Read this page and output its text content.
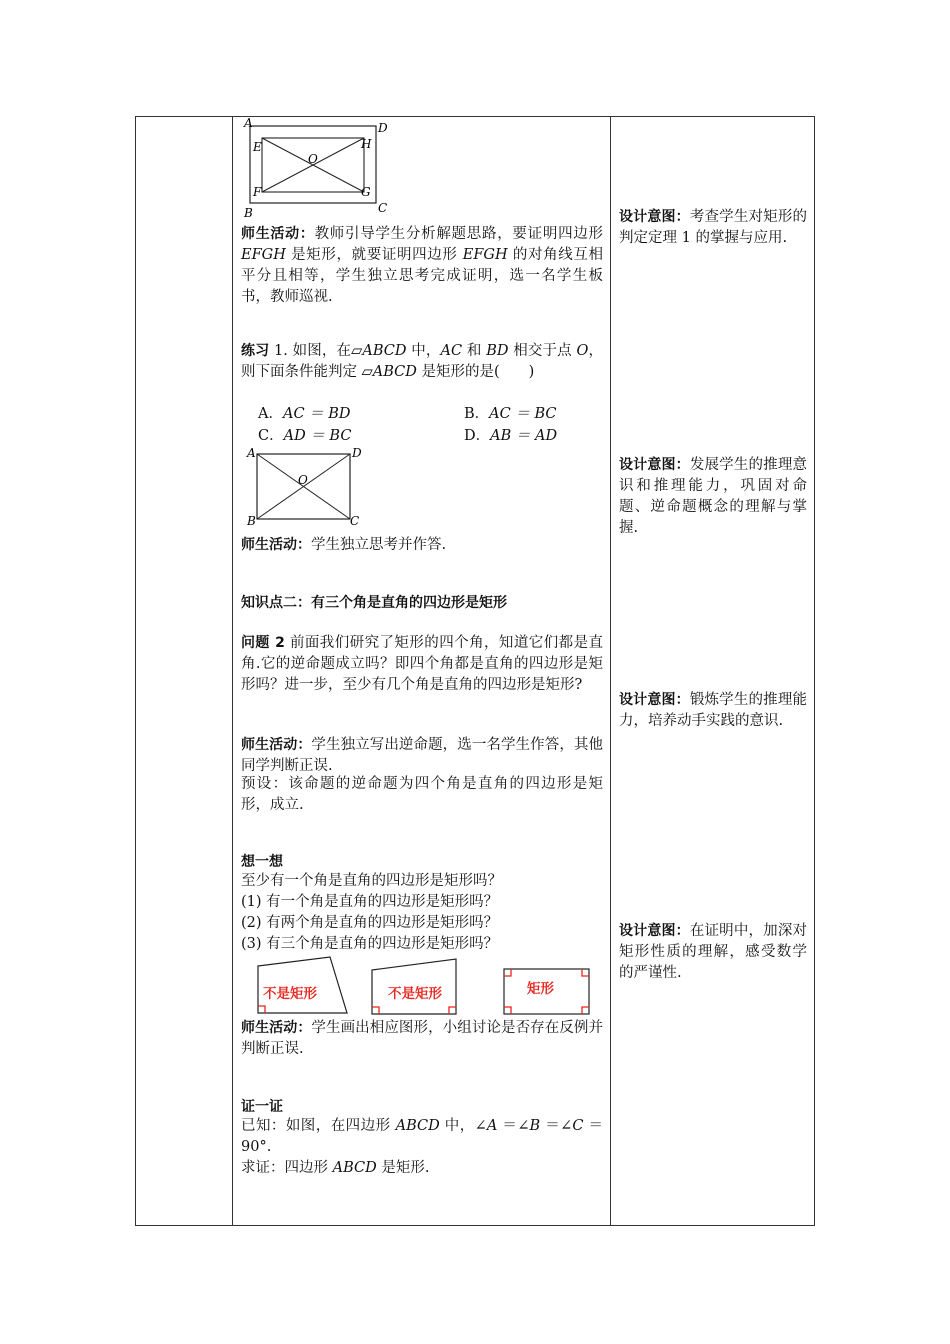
A	D
E	H
O
F	G
B	C

师生活动：教师引导学生分析解题思路，要证明四边形 EFGH 是矩形，就要证明四边形 EFGH 的对角线互相平分且相等，学生独立思考完成证明，选一名学生板书，教师巡视.

练习 1. 如图，在▱ABCD 中，AC 和 BD 相交于点 O，则下面条件能判定 ▱ABCD 是矩形的是(　　)

A．AC ＝ BD	B．AC ＝ BC
C．AD ＝ BC	D．AB ＝ AD
A	D
O
B	C

师生活动：学生独立思考并作答.

知识点二：有三个角是直角的四边形是矩形

问题 2 前面我们研究了矩形的四个角，知道它们都是直角.它的逆命题成立吗？即四个角都是直角的四边形是矩形吗？进一步，至少有几个角是直角的四边形是矩形?

师生活动：学生独立写出逆命题，选一名学生作答，其他同学判断正误.

预设：该命题的逆命题为四个角是直角的四边形是矩形，成立.

想一想

至少有一个角是直角的四边形是矩形吗？

(1) 有一个角是直角的四边形是矩形吗？

(2) 有两个角是直角的四边形是矩形吗？

(3) 有三个角是直角的四边形是矩形吗？

不是矩形	不是矩形	矩形

师生活动：学生画出相应图形，小组讨论是否存在反例并判断正误.

证一证

已知：如图，在四边形 ABCD 中，∠A ＝∠B ＝∠C ＝ 90°.

求证：四边形 ABCD 是矩形.

设计意图：考查学生对矩形的判定定理 1 的掌握与应用.

设计意图：发展学生的推理意识和推理能力，巩固对命题、逆命题概念的理解与掌握.

设计意图：锻炼学生的推理能力，培养动手实践的意识.

设计意图：在证明中，加深对矩形性质的理解，感受数学的严谨性.
